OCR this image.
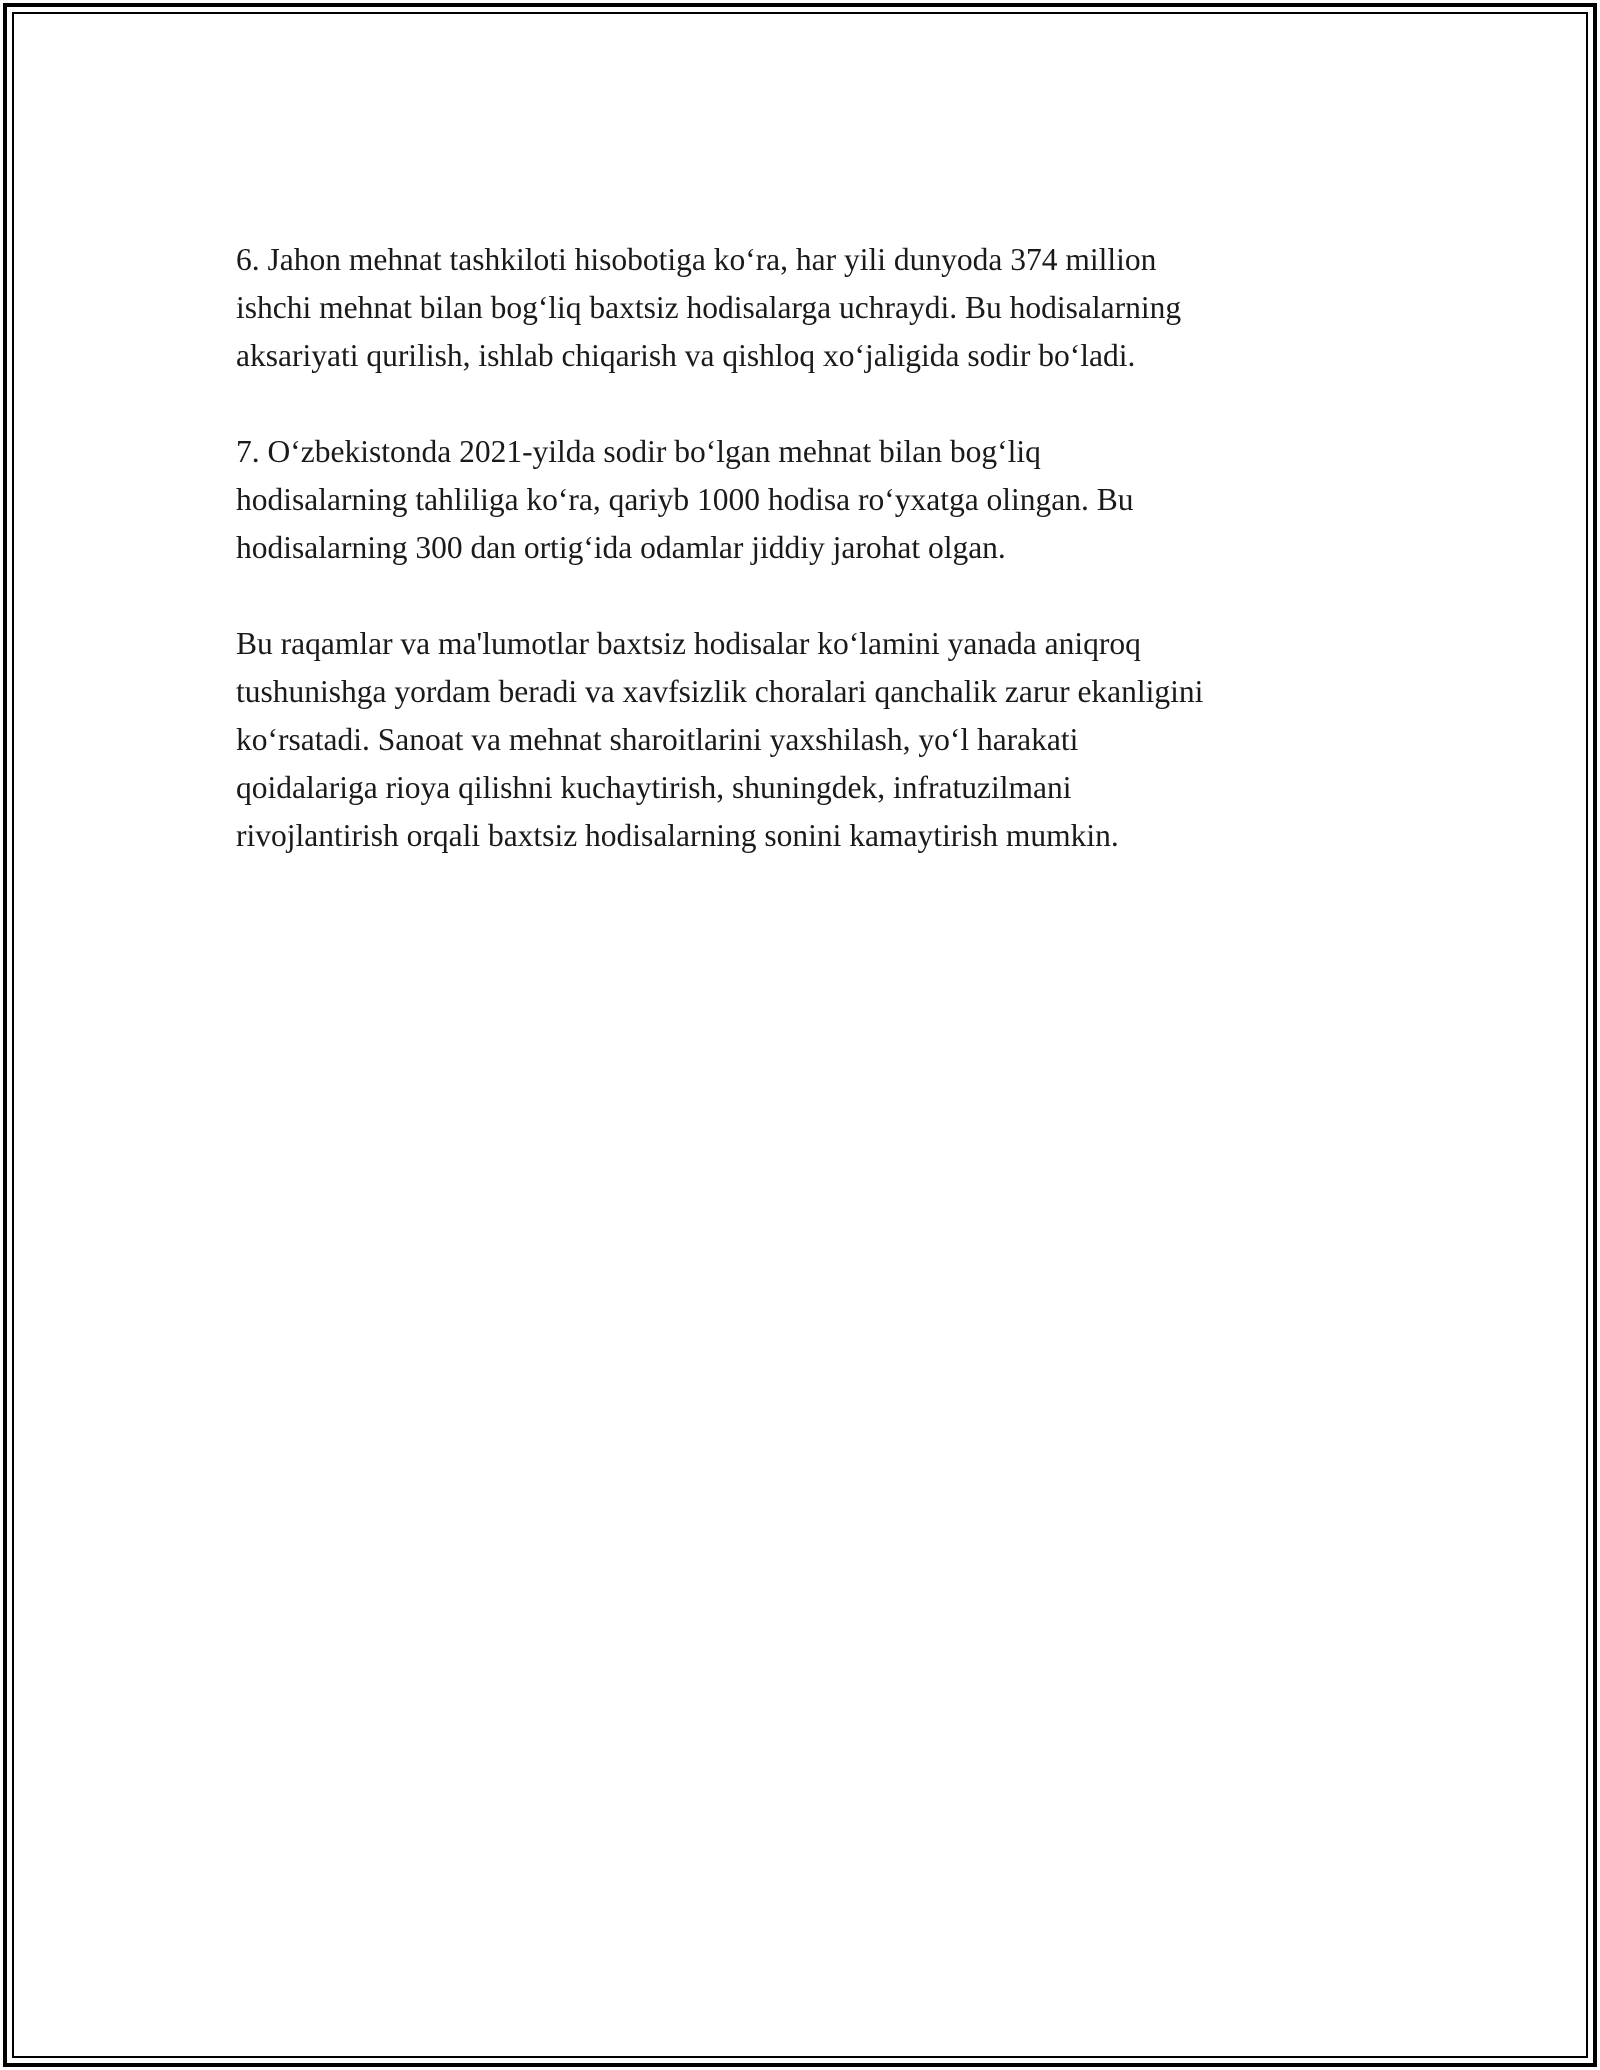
6. Jahon mehnat tashkiloti hisobotiga ko‘ra, har yili dunyoda 374 million
ishchi mehnat bilan bog‘liq baxtsiz hodisalarga uchraydi. Bu hodisalarning
aksariyati qurilish, ishlab chiqarish va qishloq xo‘jaligida sodir bo‘ladi.

7. O‘zbekistonda 2021-yilda sodir bo‘lgan mehnat bilan bog‘liq
hodisalarning tahliliga ko‘ra, qariyb 1000 hodisa ro‘yxatga olingan. Bu
hodisalarning 300 dan ortig‘ida odamlar jiddiy jarohat olgan.

Bu raqamlar va ma'lumotlar baxtsiz hodisalar ko‘lamini yanada aniqroq
tushunishga yordam beradi va xavfsizlik choralari qanchalik zarur ekanligini
ko‘rsatadi. Sanoat va mehnat sharoitlarini yaxshilash, yo‘l harakati
qoidalariga rioya qilishni kuchaytirish, shuningdek, infratuzilmani
rivojlantirish orqali baxtsiz hodisalarning sonini kamaytirish mumkin.
